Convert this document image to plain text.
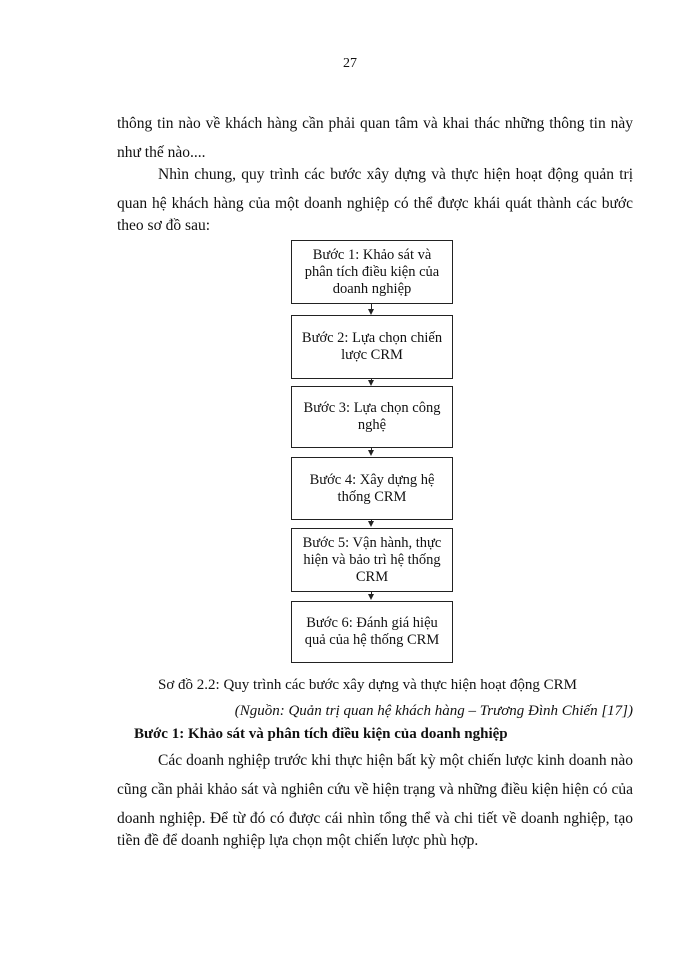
27

thông tin nào về khách hàng cần phải quan tâm và khai thác những thông tin này

như thế nào....

Nhìn chung, quy trình các bước xây dựng và thực hiện hoạt động quản trị

quan hệ khách hàng của một doanh nghiệp có thể được khái quát thành các bước

theo sơ đồ sau:

Bước 1: Khảo sát và phân tích điều kiện của doanh nghiệp
Bước 2: Lựa chọn chiến lược CRM
Bước 3: Lựa chọn công nghệ
Bước 4: Xây dựng hệ thống CRM
Bước 5: Vận hành, thực hiện và bảo trì hệ thống CRM
Bước 6: Đánh giá hiệu quả của hệ thống CRM
Sơ đồ 2.2: Quy trình các bước xây dựng và thực hiện hoạt động CRM
(Nguồn: Quản trị quan hệ khách hàng – Trương Đình Chiến [17])
Bước 1: Khảo sát và phân tích điều kiện của doanh nghiệp

Các doanh nghiệp trước khi thực hiện bất kỳ một chiến lược kinh doanh nào

cũng cần phải khảo sát và nghiên cứu về hiện trạng và những điều kiện hiện có của

doanh nghiệp. Để từ đó có được cái nhìn tổng thể và chi tiết về doanh nghiệp, tạo

tiền đề để doanh nghiệp lựa chọn một chiến lược phù hợp.
